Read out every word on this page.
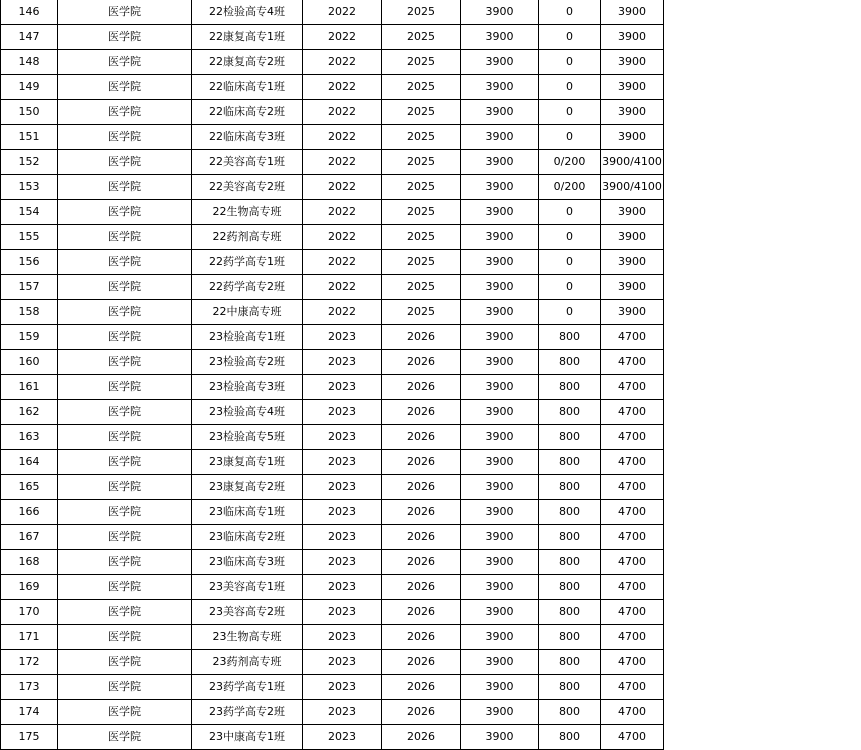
146	医学院	22检验高专4班	2022	2025	3900	0	3900
147	医学院	22康复高专1班	2022	2025	3900	0	3900
148	医学院	22康复高专2班	2022	2025	3900	0	3900
149	医学院	22临床高专1班	2022	2025	3900	0	3900
150	医学院	22临床高专2班	2022	2025	3900	0	3900
151	医学院	22临床高专3班	2022	2025	3900	0	3900
152	医学院	22美容高专1班	2022	2025	3900	0/200	3900/4100
153	医学院	22美容高专2班	2022	2025	3900	0/200	3900/4100
154	医学院	22生物高专班	2022	2025	3900	0	3900
155	医学院	22药剂高专班	2022	2025	3900	0	3900
156	医学院	22药学高专1班	2022	2025	3900	0	3900
157	医学院	22药学高专2班	2022	2025	3900	0	3900
158	医学院	22中康高专班	2022	2025	3900	0	3900
159	医学院	23检验高专1班	2023	2026	3900	800	4700
160	医学院	23检验高专2班	2023	2026	3900	800	4700
161	医学院	23检验高专3班	2023	2026	3900	800	4700
162	医学院	23检验高专4班	2023	2026	3900	800	4700
163	医学院	23检验高专5班	2023	2026	3900	800	4700
164	医学院	23康复高专1班	2023	2026	3900	800	4700
165	医学院	23康复高专2班	2023	2026	3900	800	4700
166	医学院	23临床高专1班	2023	2026	3900	800	4700
167	医学院	23临床高专2班	2023	2026	3900	800	4700
168	医学院	23临床高专3班	2023	2026	3900	800	4700
169	医学院	23美容高专1班	2023	2026	3900	800	4700
170	医学院	23美容高专2班	2023	2026	3900	800	4700
171	医学院	23生物高专班	2023	2026	3900	800	4700
172	医学院	23药剂高专班	2023	2026	3900	800	4700
173	医学院	23药学高专1班	2023	2026	3900	800	4700
174	医学院	23药学高专2班	2023	2026	3900	800	4700
175	医学院	23中康高专1班	2023	2026	3900	800	4700
